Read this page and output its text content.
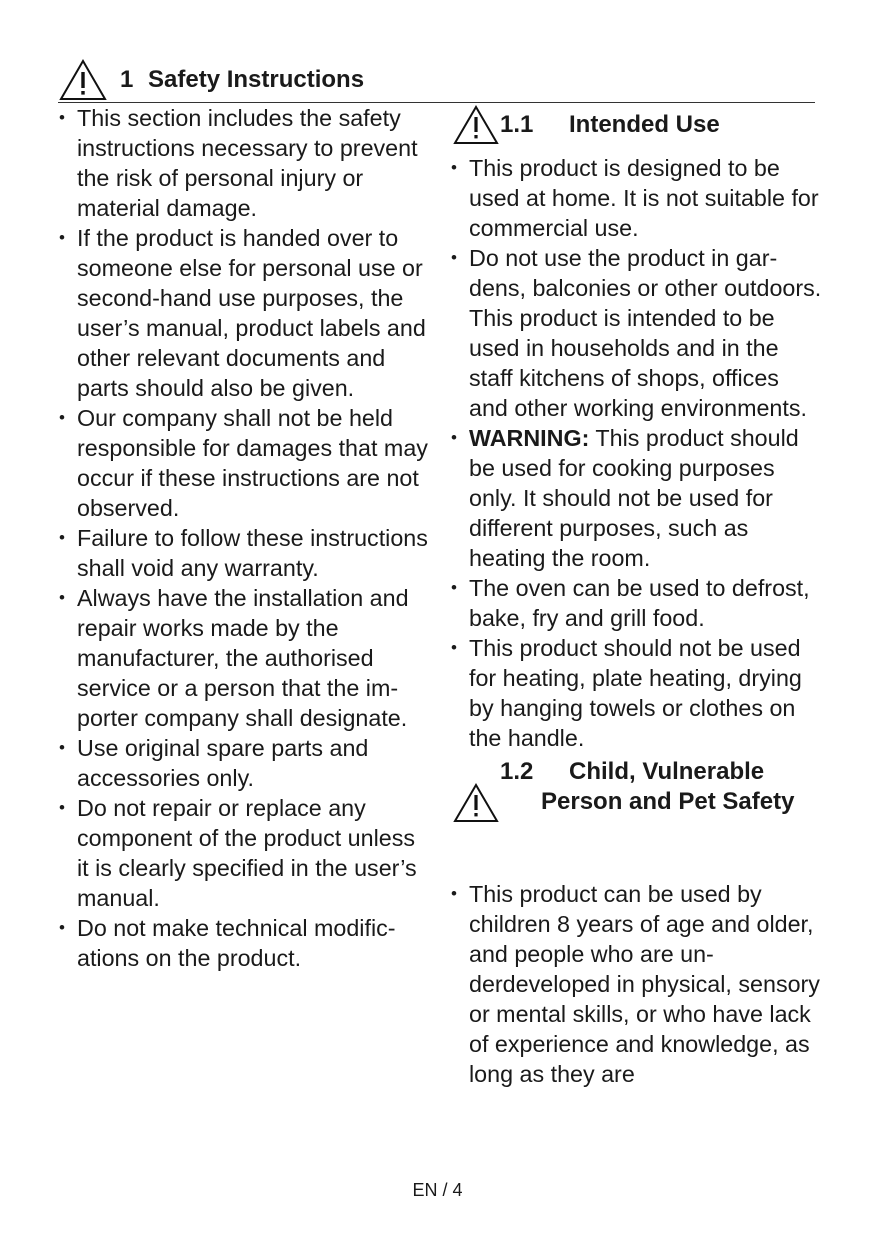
1 Safety Instructions
• This section includes the safety instructions necessary to prevent the risk of personal injury or material damage.
• If the product is handed over to someone else for personal use or second-hand use purposes, the user’s manual, product labels and other relevant documents and parts should also be given.
• Our company shall not be held responsible for damages that may occur if these instructions are not observed.
• Failure to follow these instructions shall void any warranty.
• Always have the installation and repair works made by the manufacturer, the authorised service or a person that the importer company shall designate.
• Use original spare parts and accessories only.
• Do not repair or replace any component of the product unless it is clearly specified in the user’s manual.
• Do not make technical modifications on the product.
1.1 Intended Use
• This product is designed to be used at home. It is not suitable for commercial use.
• Do not use the product in gardens, balconies or other outdoors. This product is intended to be used in households and in the staff kitchens of shops, offices and other working environments.
• WARNING: This product should be used for cooking purposes only. It should not be used for different purposes, such as heating the room.
• The oven can be used to defrost, bake, fry and grill food.
• This product should not be used for heating, plate heating, drying by hanging towels or clothes on the handle.
1.2	Child, Vulnerable Person and Pet Safety
• This product can be used by children 8 years of age and older, and people who are underdeveloped in physical, sensory or mental skills, or who have lack of experience and knowledge, as long as they are
EN / 4
